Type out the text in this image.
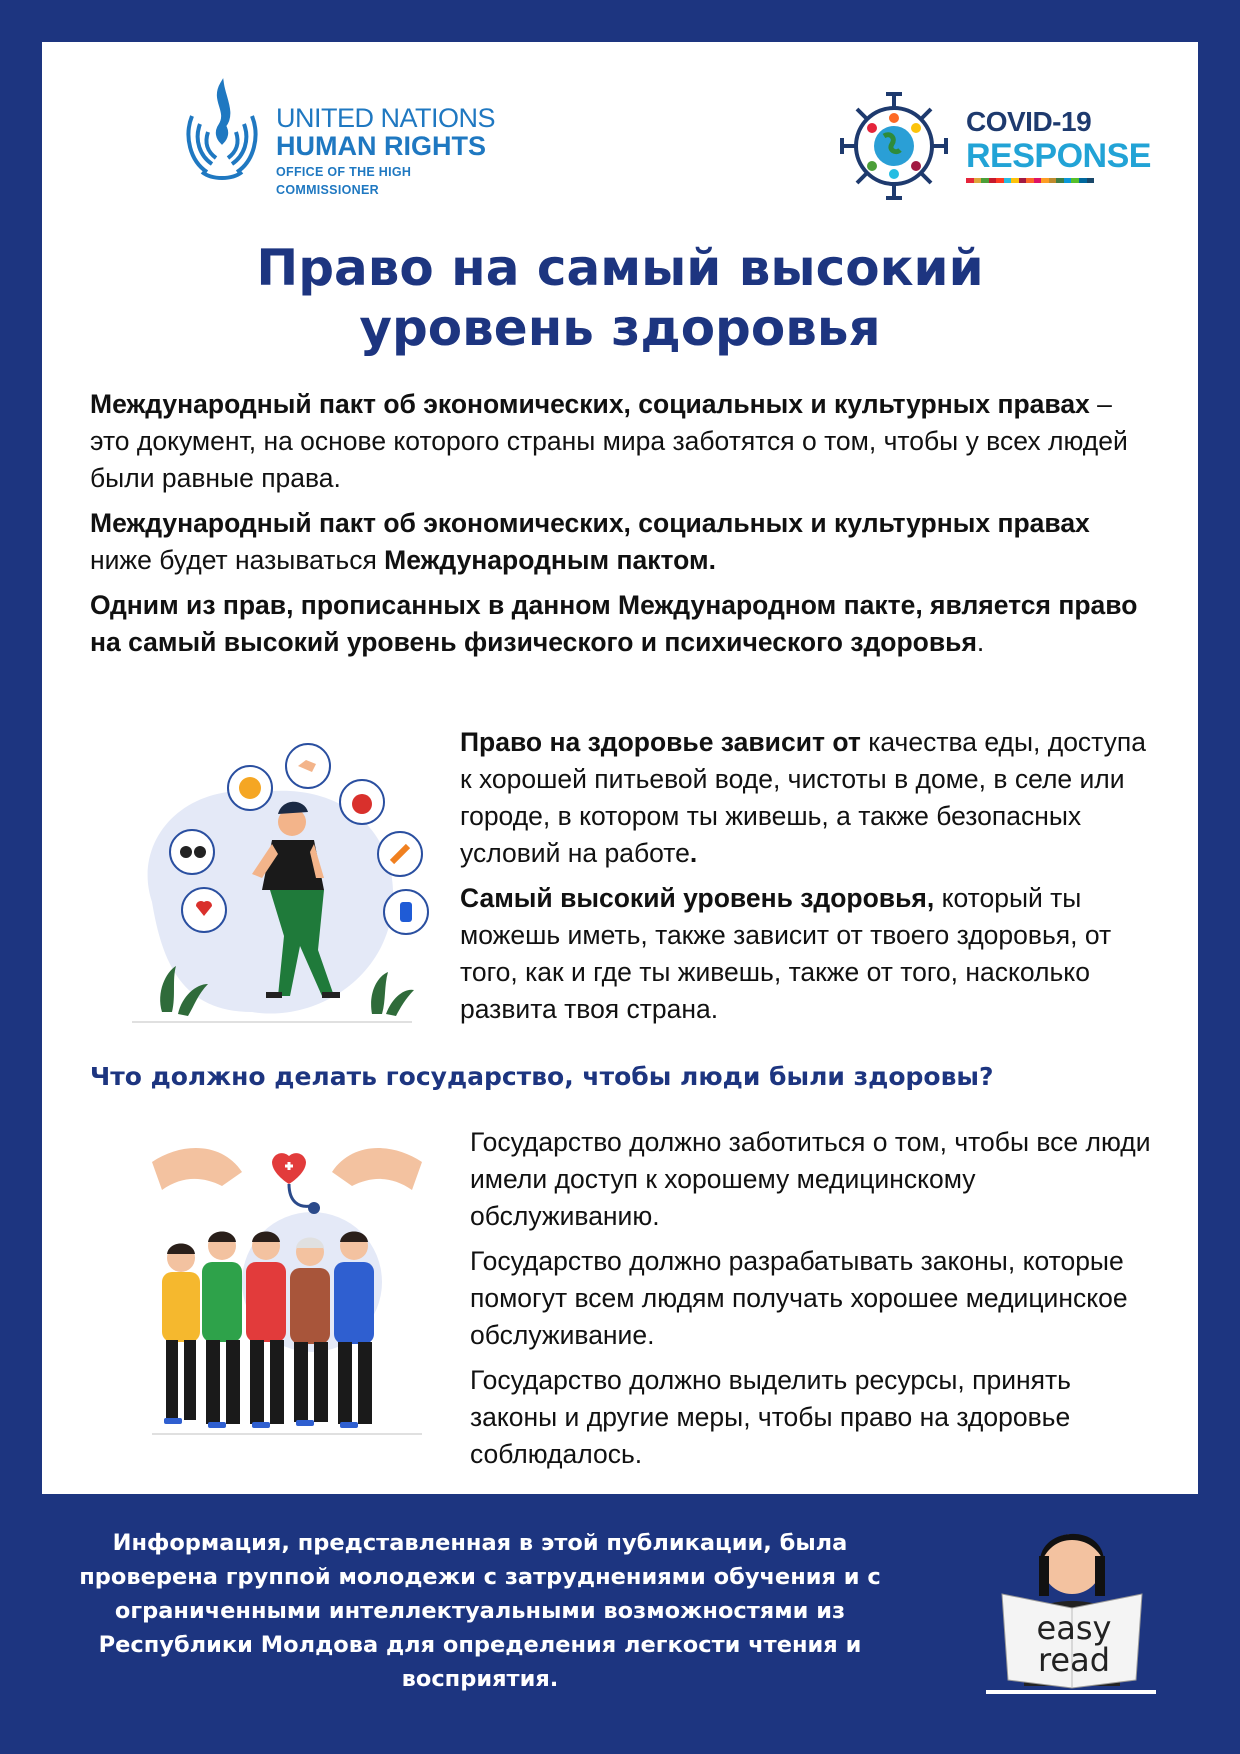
UNITED NATIONS
HUMAN RIGHTS
OFFICE OF THE HIGH COMMISSIONER
COVID-19
RESPONSE
Право на самый высокий
уровень здоровья

Международный пакт об экономических, социальных и культурных правах – это документ, на основе которого страны мира заботятся о том, чтобы у всех людей были равные права.

Международный пакт об экономических, социальных и культурных правах ниже будет называться Международным пактом.

Одним из прав, прописанных в данном Международном пакте, является право на самый высокий уровень физического и психического здоровья.

Право на здоровье зависит от качества еды, доступа к хорошей питьевой воде, чистоты в доме, в селе или городе, в котором ты живешь, а также безопасных условий на работе.

Самый высокий уровень здоровья, который ты можешь иметь, также зависит от твоего здоровья, от того, как и где ты живешь, также от того, насколько развита твоя страна.

Что должно делать государство, чтобы люди были здоровы?

Государство должно заботиться о том, чтобы все люди имели доступ к хорошему медицинскому обслуживанию.

Государство должно разрабатывать законы, которые помогут всем людям получать хорошее медицинское обслуживание.

Государство должно выделить ресурсы, принять законы и другие меры, чтобы право на здоровье соблюдалось.

Информация, представленная в этой публикации, была проверена группой молодежи с затруднениями обучения и с ограниченными интеллектуальными возможностями из Республики Молдова для определения легкости чтения и восприятия.
easy
read
